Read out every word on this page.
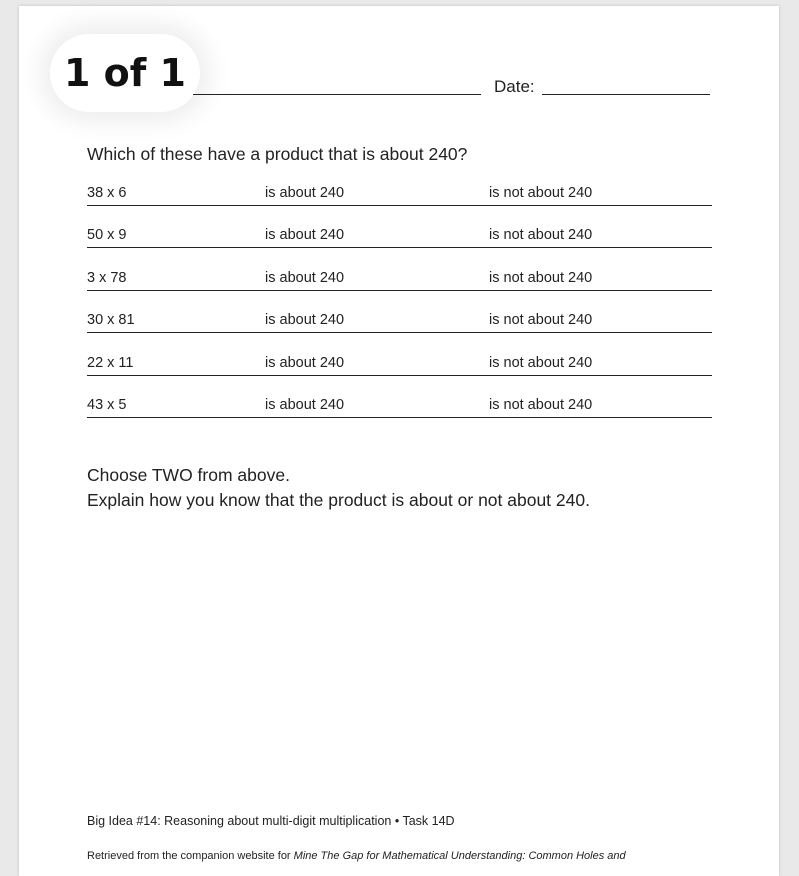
1 of 1	Date:
Which of these have a product that is about 240?
38 x 6	is about 240	is not about 240
50 x 9	is about 240	is not about 240
3 x 78	is about 240	is not about 240
30 x 81	is about 240	is not about 240
22 x 11	is about 240	is not about 240
43 x 5	is about 240	is not about 240
Choose TWO from above.
Explain how you know that the product is about or not about 240.
Big Idea #14: Reasoning about multi-digit multiplication • Task 14D
Retrieved from the companion website for Mine The Gap for Mathematical Understanding: Common Holes and
